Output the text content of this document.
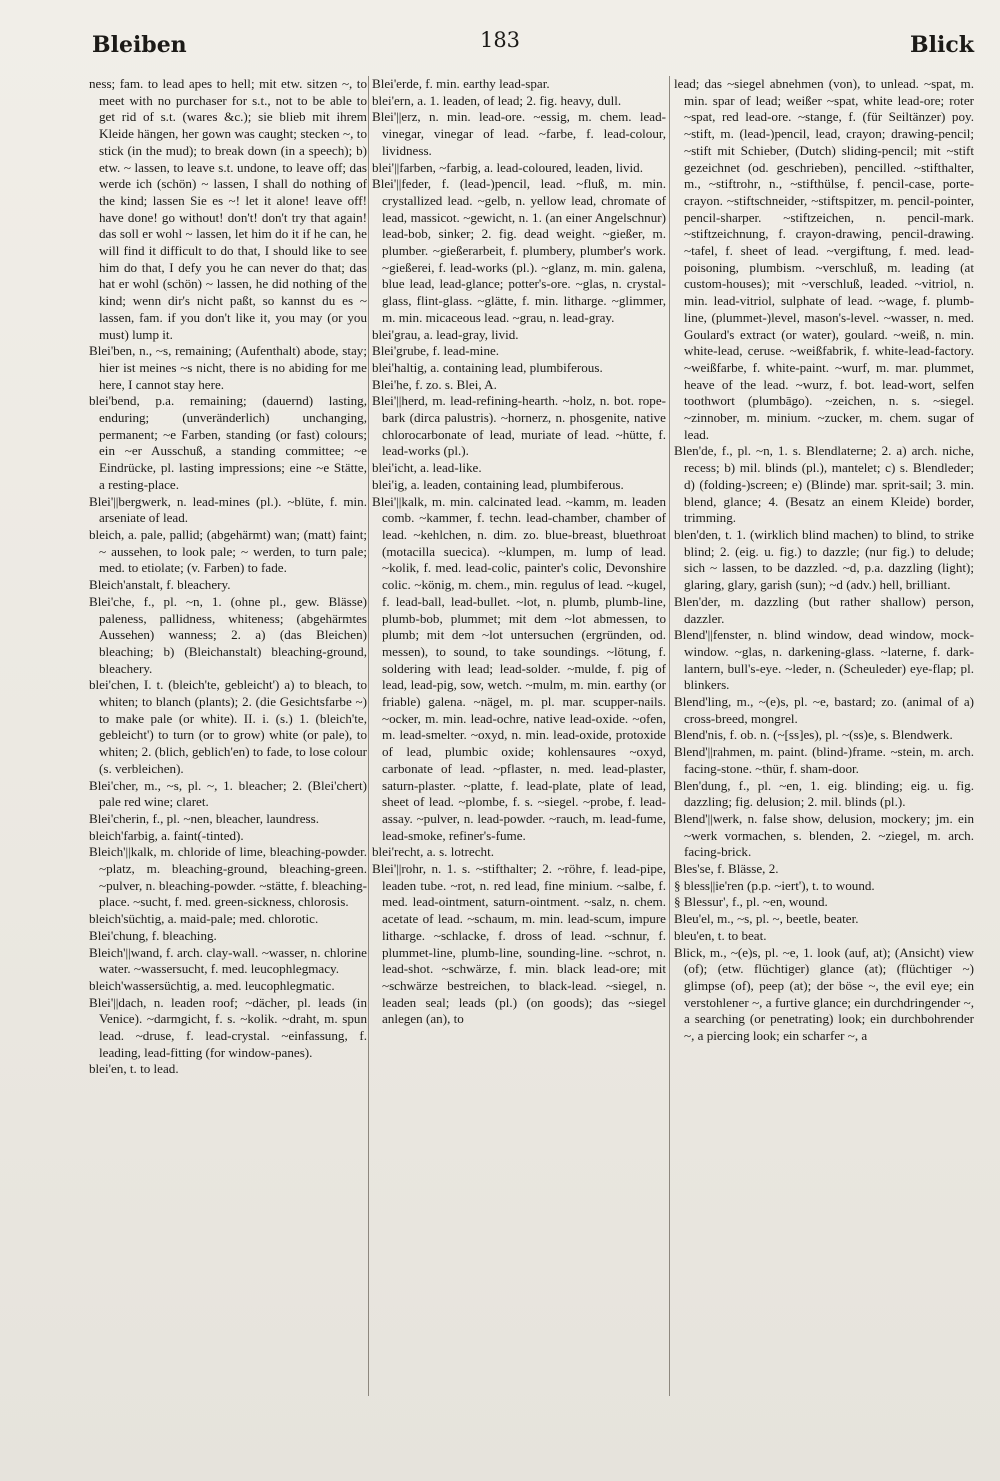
Bleiben	183	Blick

ness; fam. to lead apes to hell; mit etw. sitzen ~, to meet with no purchaser for s.t., not to be able to get rid of s.t. (wares &c.); sie blieb mit ihrem Kleide hängen, her gown was caught; stecken ~, to stick (in the mud); to break down (in a speech); b) etw. ~ lassen, to leave s.t. undone, to leave off; das werde ich (schön) ~ lassen, I shall do nothing of the kind; lassen Sie es ~! let it alone! leave off! have done! go without! don't! don't try that again! das soll er wohl ~ lassen, let him do it if he can, he will find it difficult to do that, I should like to see him do that, I defy you he can never do that; das hat er wohl (schön) ~ lassen, he did nothing of the kind; wenn dir's nicht paßt, so kannst du es ~ lassen, fam. if you don't like it, you may (or you must) lump it.

Blei'ben, n., ~s, remaining; (Aufenthalt) abode, stay; hier ist meines ~s nicht, there is no abiding for me here, I cannot stay here.

blei'bend, p.a. remaining; (dauernd) lasting, enduring; (unveränderlich) unchanging, permanent; ~e Farben, standing (or fast) colours; ein ~er Ausschuß, a standing committee; ~e Eindrücke, pl. lasting impressions; eine ~e Stätte, a resting-place.

Blei'||bergwerk, n. lead-mines (pl.). ~blüte, f. min. arseniate of lead.

bleich, a. pale, pallid; (abgehärmt) wan; (matt) faint; ~ aussehen, to look pale; ~ werden, to turn pale; med. to etiolate; (v. Farben) to fade.

Bleich'anstalt, f. bleachery.

Blei'che, f., pl. ~n, 1. (ohne pl., gew. Blässe) paleness, pallidness, whiteness; (abgehärmtes Aussehen) wanness; 2. a) (das Bleichen) bleaching; b) (Bleichanstalt) bleaching-ground, bleachery.

blei'chen, I. t. (bleich'te, gebleicht') a) to bleach, to whiten; to blanch (plants); 2. (die Gesichtsfarbe ~) to make pale (or white). II. i. (s.) 1. (bleich'te, gebleicht') to turn (or to grow) white (or pale), to whiten; 2. (blich, geblich'en) to fade, to lose colour (s. verbleichen).

Blei'cher, m., ~s, pl. ~, 1. bleacher; 2. (Blei'chert) pale red wine; claret.

Blei'cherin, f., pl. ~nen, bleacher, laundress.

bleich'farbig, a. faint(-tinted).

Bleich'||kalk, m. chloride of lime, bleaching-powder. ~platz, m. bleaching-ground, bleaching-green. ~pulver, n. bleaching-powder. ~stätte, f. bleaching-place. ~sucht, f. med. green-sickness, chlorosis.

bleich'süchtig, a. maid-pale; med. chlorotic.

Blei'chung, f. bleaching.

Bleich'||wand, f. arch. clay-wall. ~wasser, n. chlorine water. ~wassersucht, f. med. leucophlegmacy.

bleich'wassersüchtig, a. med. leucophlegmatic.

Blei'||dach, n. leaden roof; ~dächer, pl. leads (in Venice). ~darmgicht, f. s. ~kolik. ~draht, m. spun lead. ~druse, f. lead-crystal. ~einfassung, f. leading, lead-fitting (for window-panes).

blei'en, t. to lead.

Blei'erde, f. min. earthy lead-spar.

blei'ern, a. 1. leaden, of lead; 2. fig. heavy, dull.

Blei'||erz, n. min. lead-ore. ~essig, m. chem. lead-vinegar, vinegar of lead. ~farbe, f. lead-colour, lividness.

blei'||farben, ~farbig, a. lead-coloured, leaden, livid.

Blei'||feder, f. (lead-)pencil, lead. ~fluß, m. min. crystallized lead. ~gelb, n. yellow lead, chromate of lead, massicot. ~gewicht, n. 1. (an einer Angelschnur) lead-bob, sinker; 2. fig. dead weight. ~gießer, m. plumber. ~gießerarbeit, f. plumbery, plumber's work. ~gießerei, f. lead-works (pl.). ~glanz, m. min. galena, blue lead, lead-glance; potter's-ore. ~glas, n. crystal-glass, flint-glass. ~glätte, f. min. litharge. ~glimmer, m. min. micaceous lead. ~grau, n. lead-gray.

blei'grau, a. lead-gray, livid.

Blei'grube, f. lead-mine.

blei'haltig, a. containing lead, plumbiferous.

Blei'he, f. zo. s. Blei, A.

Blei'||herd, m. lead-refining-hearth. ~holz, n. bot. rope-bark (dirca palustris). ~hornerz, n. phosgenite, native chlorocarbonate of lead, muriate of lead. ~hütte, f. lead-works (pl.).

blei'icht, a. lead-like.

blei'ig, a. leaden, containing lead, plumbiferous.

Blei'||kalk, m. min. calcinated lead. ~kamm, m. leaden comb. ~kammer, f. techn. lead-chamber, chamber of lead. ~kehlchen, n. dim. zo. blue-breast, bluethroat (motacilla suecica). ~klumpen, m. lump of lead. ~kolik, f. med. lead-colic, painter's colic, Devonshire colic. ~könig, m. chem., min. regulus of lead. ~kugel, f. lead-ball, lead-bullet. ~lot, n. plumb, plumb-line, plumb-bob, plummet; mit dem ~lot abmessen, to plumb; mit dem ~lot untersuchen (ergründen, od. messen), to sound, to take soundings. ~lötung, f. soldering with lead; lead-solder. ~mulde, f. pig of lead, lead-pig, sow, wetch. ~mulm, m. min. earthy (or friable) galena. ~nägel, m. pl. mar. scupper-nails. ~ocker, m. min. lead-ochre, native lead-oxide. ~ofen, m. lead-smelter. ~oxyd, n. min. lead-oxide, protoxide of lead, plumbic oxide; kohlensaures ~oxyd, carbonate of lead. ~pflaster, n. med. lead-plaster, saturn-plaster. ~platte, f. lead-plate, plate of lead, sheet of lead. ~plombe, f. s. ~siegel. ~probe, f. lead-assay. ~pulver, n. lead-powder. ~rauch, m. lead-fume, lead-smoke, refiner's-fume.

blei'recht, a. s. lotrecht.

Blei'||rohr, n. 1. s. ~stifthalter; 2. ~röhre, f. lead-pipe, leaden tube. ~rot, n. red lead, fine minium. ~salbe, f. med. lead-ointment, saturn-ointment. ~salz, n. chem. acetate of lead. ~schaum, m. min. lead-scum, impure litharge. ~schlacke, f. dross of lead. ~schnur, f. plummet-line, plumb-line, sounding-line. ~schrot, n. lead-shot. ~schwärze, f. min. black lead-ore; mit ~schwärze bestreichen, to black-lead. ~siegel, n. leaden seal; leads (pl.) (on goods); das ~siegel anlegen (an), to

lead; das ~siegel abnehmen (von), to unlead. ~spat, m. min. spar of lead; weißer ~spat, white lead-ore; roter ~spat, red lead-ore. ~stange, f. (für Seiltänzer) poy. ~stift, m. (lead-)pencil, lead, crayon; drawing-pencil; ~stift mit Schieber, (Dutch) sliding-pencil; mit ~stift gezeichnet (od. geschrieben), pencilled. ~stifthalter, m., ~stiftrohr, n., ~stifthülse, f. pencil-case, porte-crayon. ~stiftschneider, ~stiftspitzer, m. pencil-pointer, pencil-sharper. ~stiftzeichen, n. pencil-mark. ~stiftzeichnung, f. crayon-drawing, pencil-drawing. ~tafel, f. sheet of lead. ~vergiftung, f. med. lead-poisoning, plumbism. ~verschluß, m. leading (at custom-houses); mit ~verschluß, leaded. ~vitriol, n. min. lead-vitriol, sulphate of lead. ~wage, f. plumb-line, (plummet-)level, mason's-level. ~wasser, n. med. Goulard's extract (or water), goulard. ~weiß, n. min. white-lead, ceruse. ~weißfabrik, f. white-lead-factory. ~weißfarbe, f. white-paint. ~wurf, m. mar. plummet, heave of the lead. ~wurz, f. bot. lead-wort, selfen toothwort (plumbāgo). ~zeichen, n. s. ~siegel. ~zinnober, m. minium. ~zucker, m. chem. sugar of lead.

Blen'de, f., pl. ~n, 1. s. Blendlaterne; 2. a) arch. niche, recess; b) mil. blinds (pl.), mantelet; c) s. Blendleder; d) (folding-)screen; e) (Blinde) mar. sprit-sail; 3. min. blend, glance; 4. (Besatz an einem Kleide) border, trimming.

blen'den, t. 1. (wirklich blind machen) to blind, to strike blind; 2. (eig. u. fig.) to dazzle; (nur fig.) to delude; sich ~ lassen, to be dazzled. ~d, p.a. dazzling (light); glaring, glary, garish (sun); ~d (adv.) hell, brilliant.

Blen'der, m. dazzling (but rather shallow) person, dazzler.

Blend'||fenster, n. blind window, dead window, mock-window. ~glas, n. darkening-glass. ~laterne, f. dark-lantern, bull's-eye. ~leder, n. (Scheuleder) eye-flap; pl. blinkers.

Blend'ling, m., ~(e)s, pl. ~e, bastard; zo. (animal of a) cross-breed, mongrel.

Blend'nis, f. ob. n. (~[ss]es), pl. ~(ss)e, s. Blendwerk.

Blend'||rahmen, m. paint. (blind-)frame. ~stein, m. arch. facing-stone. ~thür, f. sham-door.

Blen'dung, f., pl. ~en, 1. eig. blinding; eig. u. fig. dazzling; fig. delusion; 2. mil. blinds (pl.).

Blend'||werk, n. false show, delusion, mockery; jm. ein ~werk vormachen, s. blenden, 2. ~ziegel, m. arch. facing-brick.

Bles'se, f. Blässe, 2.

§ bless||ie'ren (p.p. ~iert'), t. to wound.

§ Blessur', f., pl. ~en, wound.

Bleu'el, m., ~s, pl. ~, beetle, beater.

bleu'en, t. to beat.

Blick, m., ~(e)s, pl. ~e, 1. look (auf, at); (Ansicht) view (of); (etw. flüchtiger) glance (at); (flüchtiger ~) glimpse (of), peep (at); der böse ~, the evil eye; ein verstohlener ~, a furtive glance; ein durchdringender ~, a searching (or penetrating) look; ein durchbohrender ~, a piercing look; ein scharfer ~, a
